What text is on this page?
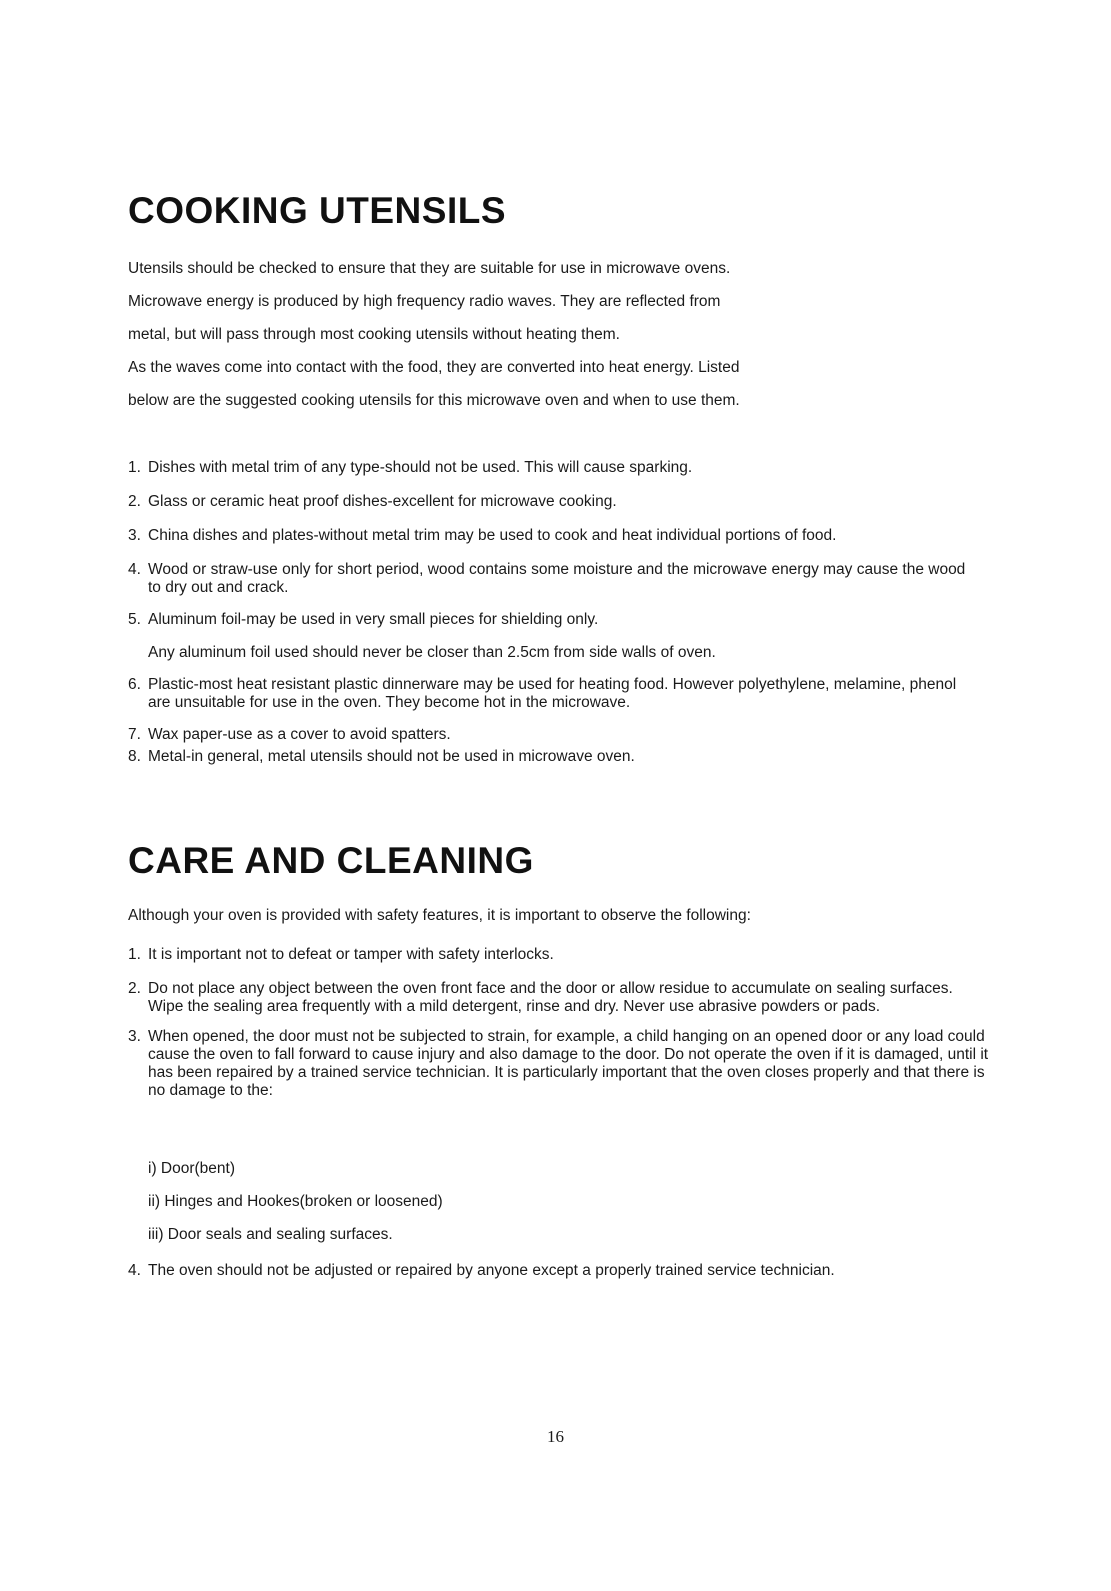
COOKING UTENSILS
Utensils should be checked to ensure that they are suitable for use in microwave ovens.
Microwave energy is produced by high frequency radio waves. They are reflected from
metal, but will pass through most cooking utensils without heating them.
As the waves come into contact with the food, they are converted into heat energy. Listed
below are the suggested cooking utensils for this microwave oven and when to use them.
1. Dishes with metal trim of any type-should not be used. This will cause sparking.
2. Glass or ceramic heat proof dishes-excellent for microwave cooking.
3. China dishes and plates-without metal trim may be used to cook and heat individual portions of food.
4. Wood or straw-use only for short period, wood contains some moisture and the microwave energy may cause the wood to dry out and crack.
5. Aluminum foil-may be used in very small pieces for shielding only.
Any aluminum foil used should never be closer than 2.5cm from side walls of oven.
6. Plastic-most heat resistant plastic dinnerware may be used for heating food. However polyethylene, melamine, phenol are unsuitable for use in the oven. They become hot in the microwave.
7. Wax paper-use as a cover to avoid spatters.
8. Metal-in general, metal utensils should not be used in microwave oven.
CARE AND CLEANING
Although your oven is provided with safety features, it is important to observe the following:
1. It is important not to defeat or tamper with safety interlocks.
2. Do not place any object between the oven front face and the door or allow residue to accumulate on sealing surfaces. Wipe the sealing area frequently with a mild detergent, rinse and dry. Never use abrasive powders or pads.
3. When opened, the door must not be subjected to strain, for example, a child hanging on an opened door or any load could cause the oven to fall forward to cause injury and also damage to the door. Do not operate the oven if it is damaged, until it has been repaired by a trained service technician. It is particularly important that the oven closes properly and that there is no damage to the:
i) Door(bent)
ii) Hinges and Hookes(broken or loosened)
iii) Door seals and sealing surfaces.
4. The oven should not be adjusted or repaired by anyone except a properly trained service technician.
16
